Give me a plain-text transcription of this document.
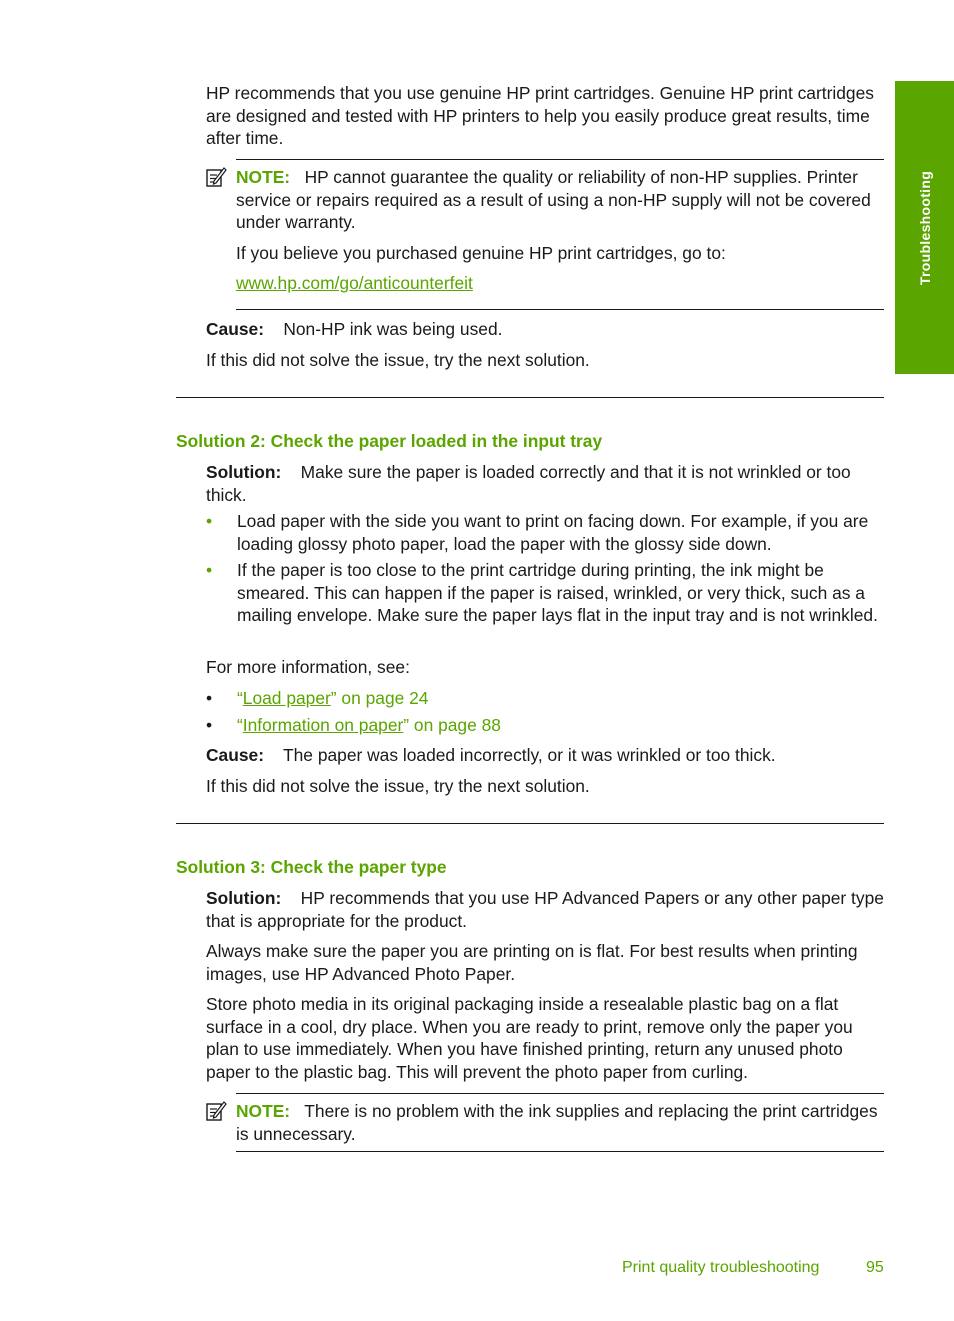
Troubleshooting

HP recommends that you use genuine HP print cartridges. Genuine HP print cartridges are designed and tested with HP printers to help you easily produce great results, time after time.

NOTE: HP cannot guarantee the quality or reliability of non-HP supplies. Printer service or repairs required as a result of using a non-HP supply will not be covered under warranty.

If you believe you purchased genuine HP print cartridges, go to:

www.hp.com/go/anticounterfeit

Cause: Non-HP ink was being used.

If this did not solve the issue, try the next solution.

Solution 2: Check the paper loaded in the input tray

Solution: Make sure the paper is loaded correctly and that it is not wrinkled or too thick.

• Load paper with the side you want to print on facing down. For example, if you are loading glossy photo paper, load the paper with the glossy side down.

• If the paper is too close to the print cartridge during printing, the ink might be smeared. This can happen if the paper is raised, wrinkled, or very thick, such as a mailing envelope. Make sure the paper lays flat in the input tray and is not wrinkled.

For more information, see:

• “Load paper” on page 24

• “Information on paper” on page 88

Cause: The paper was loaded incorrectly, or it was wrinkled or too thick.

If this did not solve the issue, try the next solution.

Solution 3: Check the paper type

Solution: HP recommends that you use HP Advanced Papers or any other paper type that is appropriate for the product.

Always make sure the paper you are printing on is flat. For best results when printing images, use HP Advanced Photo Paper.

Store photo media in its original packaging inside a resealable plastic bag on a flat surface in a cool, dry place. When you are ready to print, remove only the paper you plan to use immediately. When you have finished printing, return any unused photo paper to the plastic bag. This will prevent the photo paper from curling.

NOTE: There is no problem with the ink supplies and replacing the print cartridges is unnecessary.

Print quality troubleshooting	95
